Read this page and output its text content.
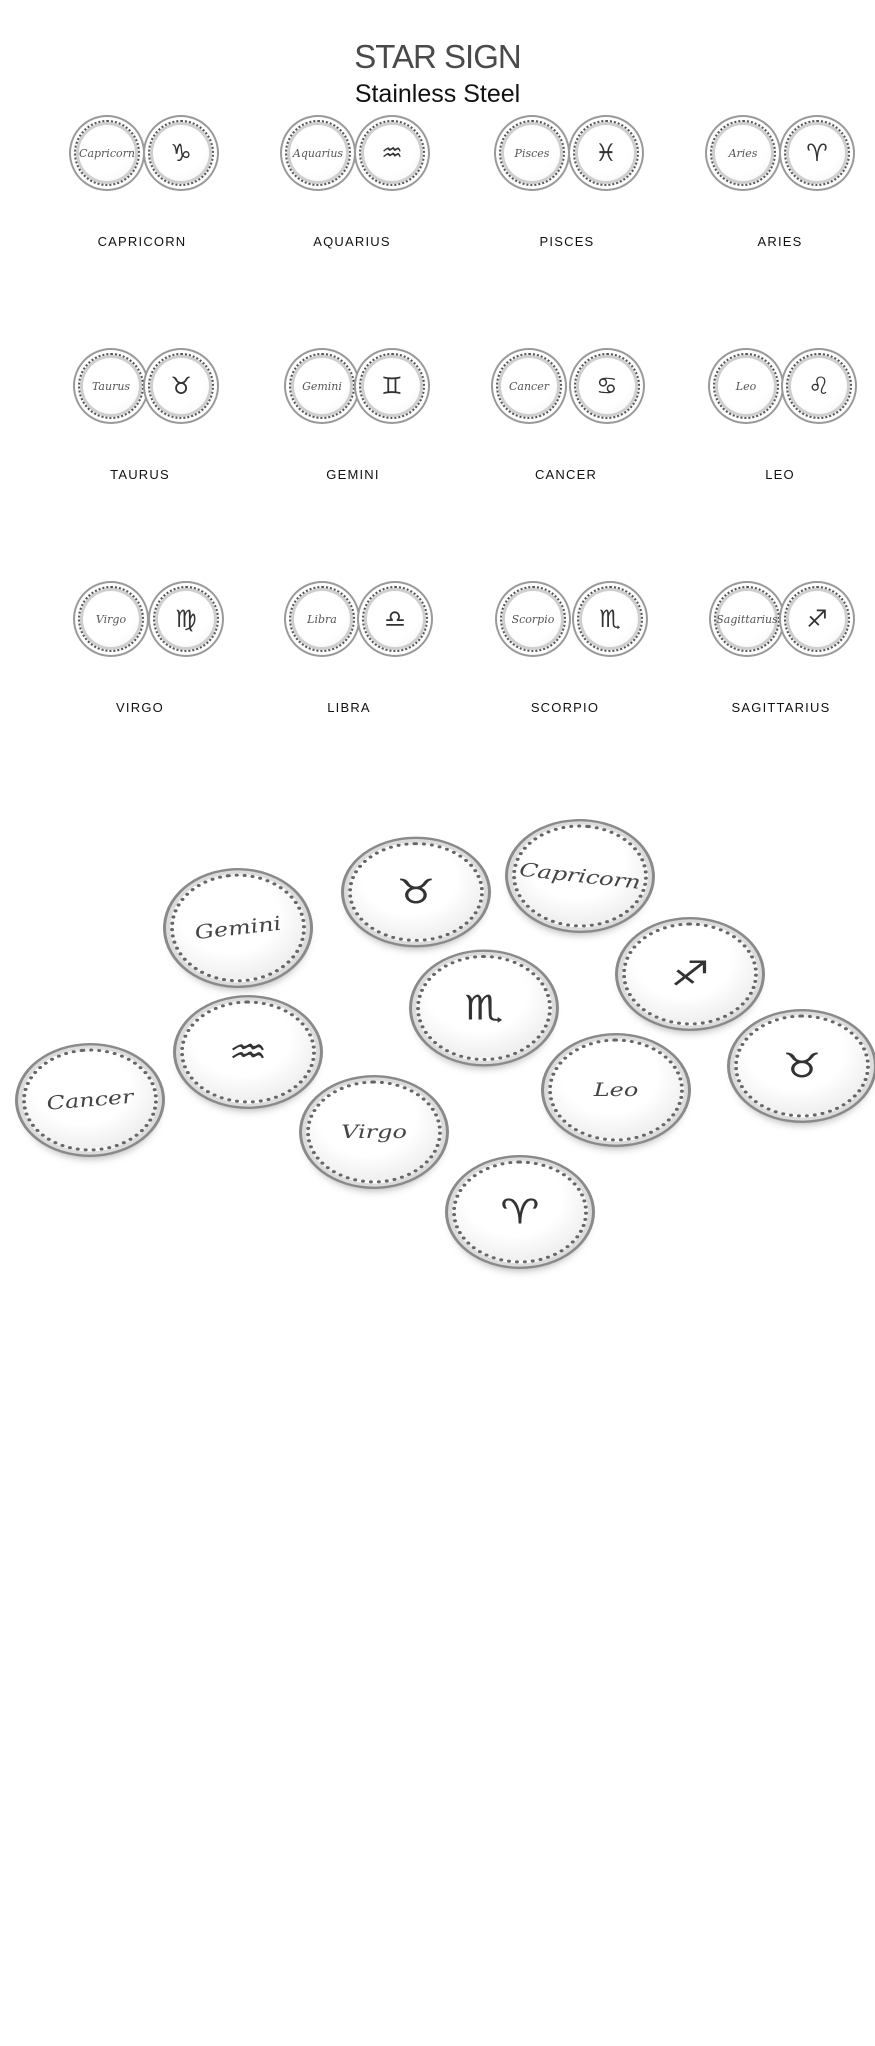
STAR SIGN
Stainless Steel
Capricorn ♑
CAPRICORN
Aquarius ♒
AQUARIUS
Pisces ♓
PISCES
Aries ♈
ARIES
Taurus ♉
TAURUS
Gemini ♊
GEMINI
Cancer ♋
CANCER
Leo ♌
LEO
Virgo ♍
VIRGO
Libra ♎
LIBRA
Scorpio ♏
SCORPIO
Sagittarius ♐
SAGITTARIUS
Gemini
♉	Capricorn
♐
♏
♒
Cancer
Virgo
Leo
♉
♈
